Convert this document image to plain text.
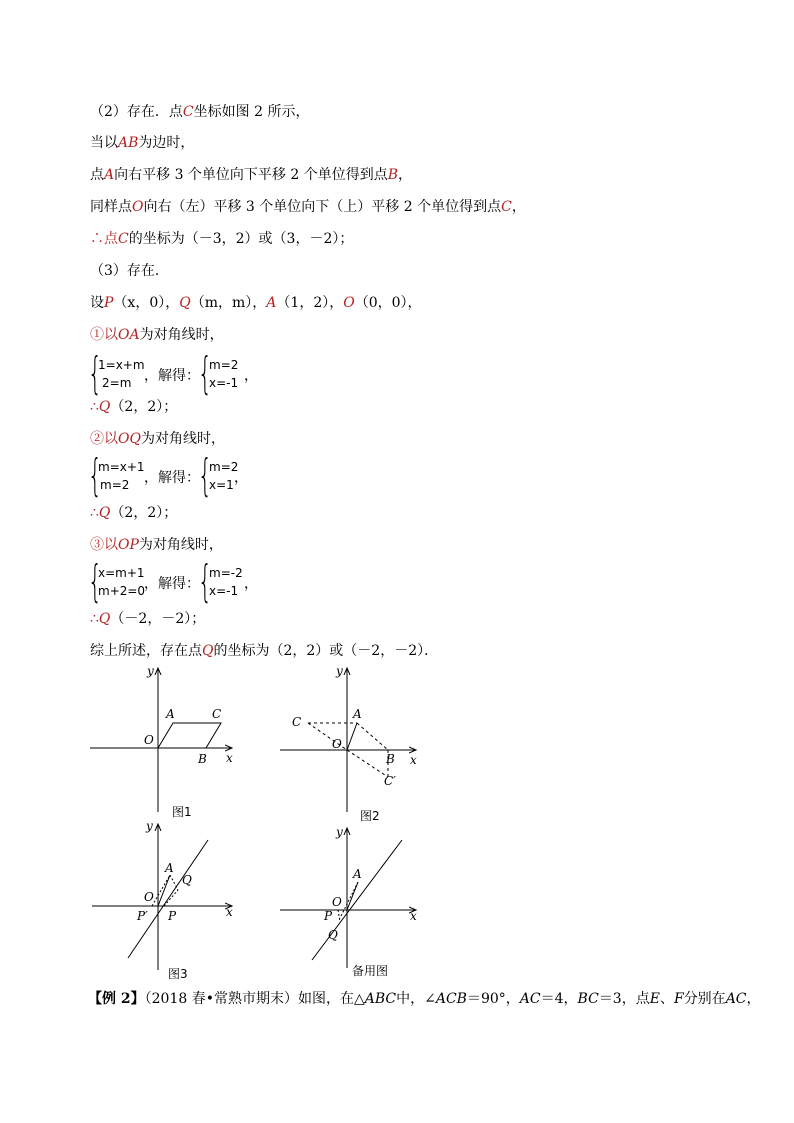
（2）存在．点C坐标如图 2 所示，
当以AB为边时，
点A向右平移 3 个单位向下平移 2 个单位得到点B，
同样点O向右（左）平移 3 个单位向下（上）平移 2 个单位得到点C，
∴点C的坐标为（－3，2）或（3，－2）；
（3）存在．
设P（x，0），Q（m，m），A（1，2），O（0，0），
①以OA为对角线时，
{
1=x+m
2=m ，解得：
{
m=2
x=-1 ，
∴Q（2，2）；
②以OQ为对角线时，
{
m=x+1
m=2 ，解得：
{
m=2
x=1 ，
∴Q（2，2）；
③以OP为对角线时，
{
x=m+1
m+2=0
，解得：
{
m=-2
x=-1 ，
∴Q（－2，－2）；
综上所述，存在点Q的坐标为（2，2）或（－2，－2）．
y
x
A	C
O
B
图1
y
x
C
A
O
B
C′
图2
y
x
A
Q
O
P
P′
图3
y
x
A
O
P
Q
备用图
【例 2】（2018 春•常熟市期末）如图，在△ABC中，∠ACB＝90°，AC＝4，BC＝3，点E、F分别在AC，
